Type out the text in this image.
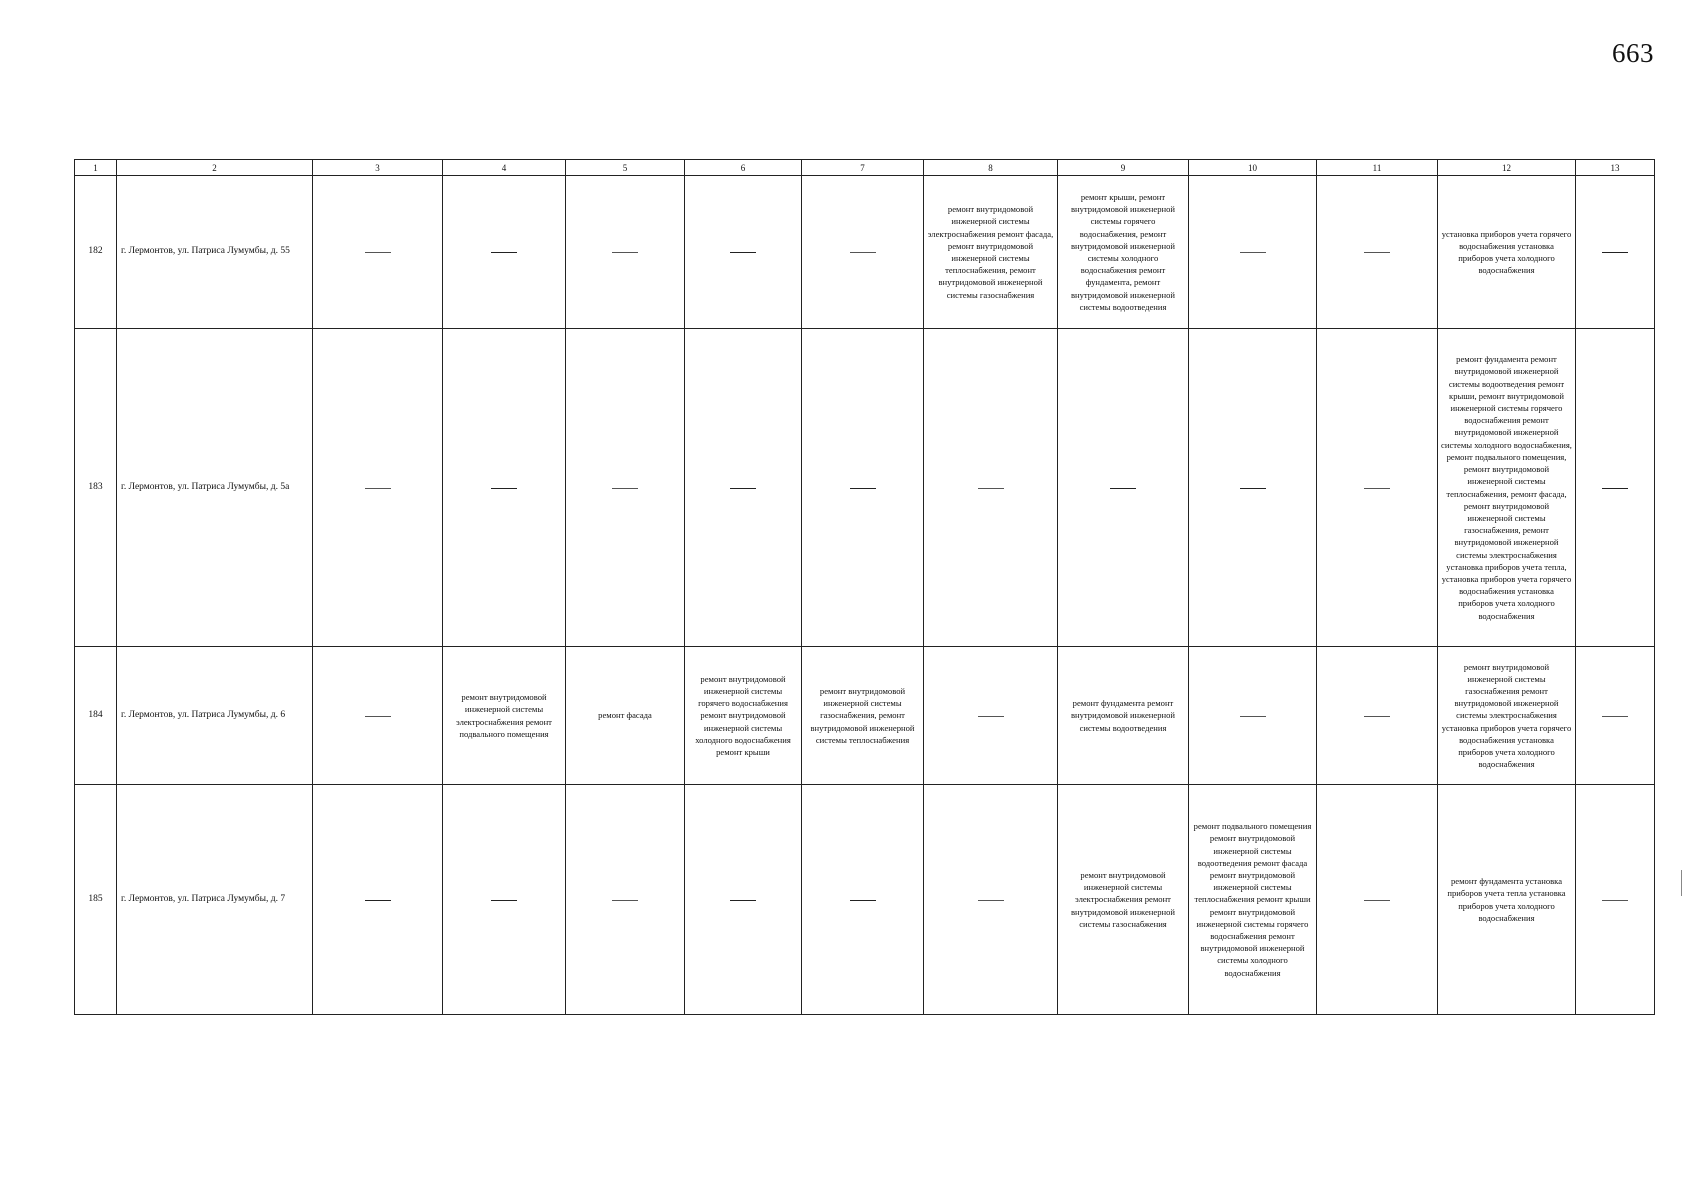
663
1	2	3	4	5	6	7	8	9	10	11	12	13
182	г. Лермонтов, ул. Патриса Лумумбы, д. 55						ремонт внутридомовой инженерной системы электроснабжения ремонт фасада, ремонт внутридомовой инженерной системы теплоснабжения, ремонт внутридомовой инженерной системы газоснабжения	ремонт крыши, ремонт внутридомовой инженерной системы горячего водоснабжения, ремонт внутридомовой инженерной системы холодного водоснабжения ремонт фундамента, ремонт внутридомовой инженерной системы водоотведения			установка приборов учета горячего водоснабжения установка приборов учета холодного водоснабжения	
183	г. Лермонтов, ул. Патриса Лумумбы, д. 5а										ремонт фундамента ремонт внутридомовой инженерной системы водоотведения ремонт крыши, ремонт внутридомовой инженерной системы горячего водоснабжения ремонт внутридомовой инженерной системы холодного водоснабжения, ремонт подвального помещения, ремонт внутридомовой инженерной системы теплоснабжения, ремонт фасада, ремонт внутридомовой инженерной системы газоснабжения, ремонт внутридомовой инженерной системы электроснабжения установка приборов учета тепла, установка приборов учета горячего водоснабжения установка приборов учета холодного водоснабжения	
184	г. Лермонтов, ул. Патриса Лумумбы, д. 6		ремонт внутридомовой инженерной системы электроснабжения ремонт подвального помещения	ремонт фасада	ремонт внутридомовой инженерной системы горячего водоснабжения ремонт внутридомовой инженерной системы холодного водоснабжения ремонт крыши	ремонт внутридомовой инженерной системы газоснабжения, ремонт внутридомовой инженерной системы теплоснабжения		ремонт фундамента ремонт внутридомовой инженерной системы водоотведения			ремонт внутридомовой инженерной системы газоснабжения ремонт внутридомовой инженерной системы электроснабжения установка приборов учета горячего водоснабжения установка приборов учета холодного водоснабжения	
185	г. Лермонтов, ул. Патриса Лумумбы, д. 7							ремонт внутридомовой инженерной системы электроснабжения ремонт внутридомовой инженерной системы газоснабжения	ремонт подвального помещения ремонт внутридомовой инженерной системы водоотведения ремонт фасада ремонт внутридомовой инженерной системы теплоснабжения ремонт крыши ремонт внутридомовой инженерной системы горячего водоснабжения ремонт внутридомовой инженерной системы холодного водоснабжения		ремонт фундамента установка приборов учета тепла установка приборов учета холодного водоснабжения	
